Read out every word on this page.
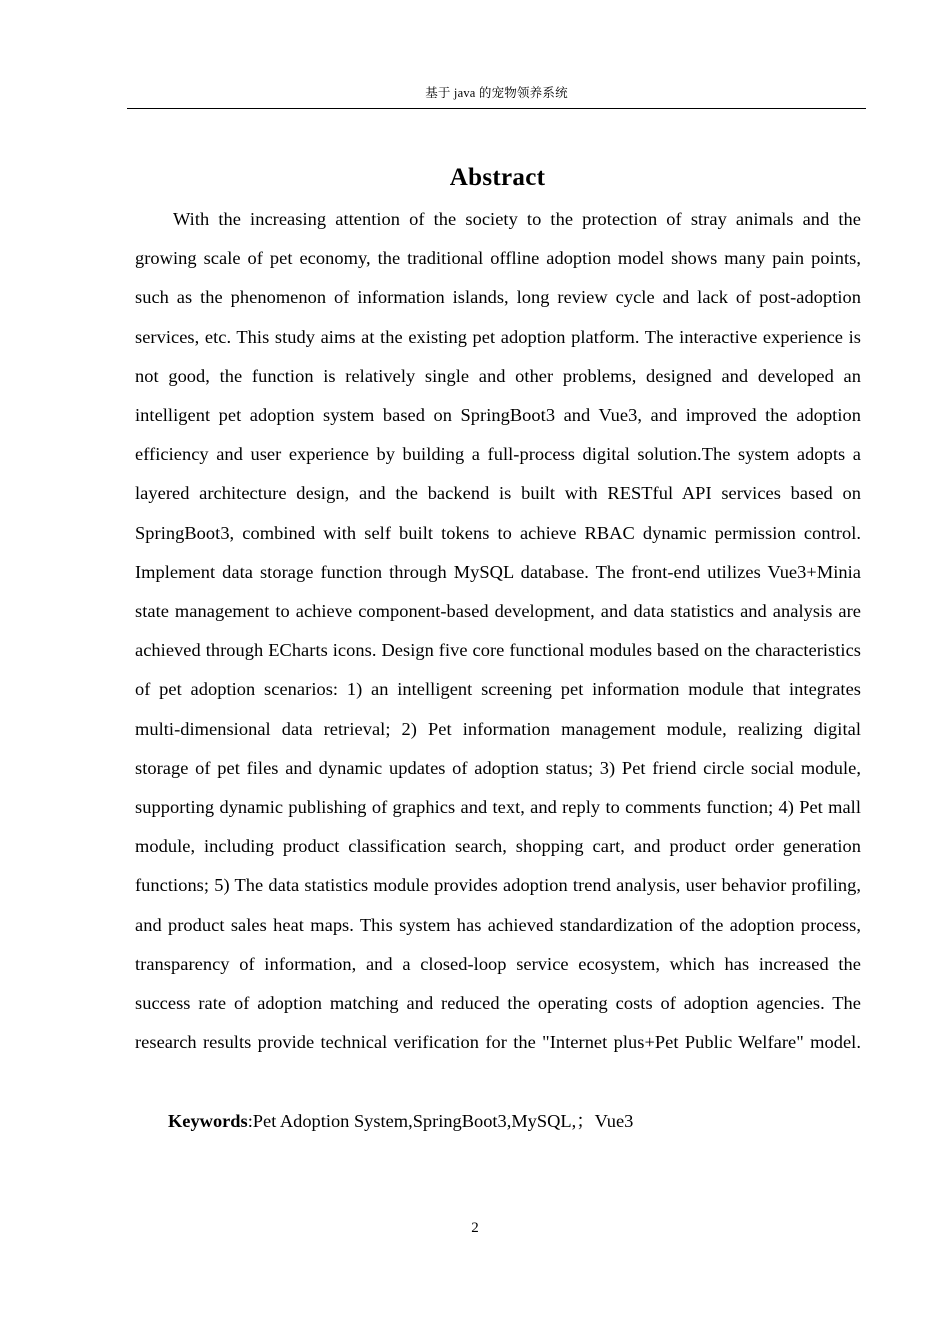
基于 java 的宠物领养系统
Abstract

With the increasing attention of the society to the protection of stray animals and the growing scale of pet economy, the traditional offline adoption model shows many pain points, such as the phenomenon of information islands, long review cycle and lack of post-adoption services, etc. This study aims at the existing pet adoption platform. The interactive experience is not good, the function is relatively single and other problems, designed and developed an intelligent pet adoption system based on SpringBoot3 and Vue3, and improved the adoption efficiency and user experience by building a full-process digital solution.The system adopts a layered architecture design, and the backend is built with RESTful API services based on SpringBoot3, combined with self built tokens to achieve RBAC dynamic permission control. Implement data storage function through MySQL database. The front-end utilizes Vue3+Minia state management to achieve component-based development, and data statistics and analysis are achieved through ECharts icons. Design five core functional modules based on the characteristics of pet adoption scenarios: 1) an intelligent screening pet information module that integrates multi-dimensional data retrieval; 2) Pet information management module, realizing digital storage of pet files and dynamic updates of adoption status; 3) Pet friend circle social module, supporting dynamic publishing of graphics and text, and reply to comments function; 4) Pet mall module, including product classification search, shopping cart, and product order generation functions; 5) The data statistics module provides adoption trend analysis, user behavior profiling, and product sales heat maps. This system has achieved standardization of the adoption process, transparency of information, and a closed-loop service ecosystem, which has increased the success rate of adoption matching and reduced the operating costs of adoption agencies. The research results provide technical verification for the "Internet plus+Pet Public Welfare" model.

Keywords:Pet Adoption System,SpringBoot3,MySQL,；Vue3

2
